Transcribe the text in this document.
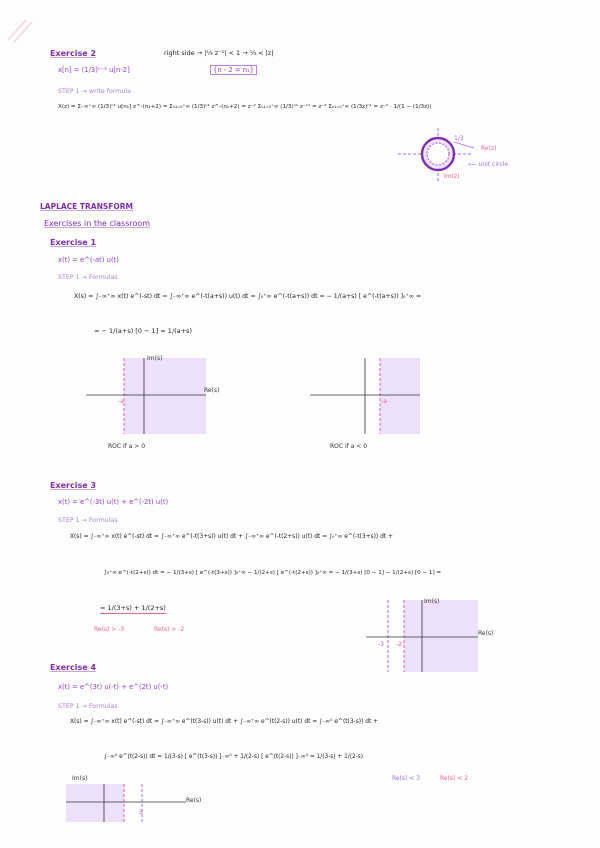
Exercise 2	right side → |⅓ z⁻¹| < 1 → ⅓ < |z|
x[n] = (1/3)ⁿ⁻² u[n-2]	{n - 2 = n₁}
STEP 1 → write formula
X(z) = Σ₋∞⁺∞ (1/3)ⁿ¹ u[n₁] z^-(n₁+2) = Σₙ₁₌₀⁺∞ (1/3)ⁿ¹ z^-(n₁+2) = z⁻² Σₙ₁₌₀⁺∞ (1/3)ⁿ¹ z⁻ⁿ¹ = z⁻² Σₙ₁₌₀⁺∞ (1/3z)ⁿ¹ = z⁻² · 1/(1 − (1/3z))
1/3
Re(z)
⟵ unit circle
Im(z)
LAPLACE TRANSFORM
Exercises in the classroom
Exercise 1
x(t) = e^(-at) u(t)
STEP 1 → Formulas
X(s) = ∫₋∞⁺∞ x(t) e^(-st) dt = ∫₋∞⁺∞ e^(-t(a+s)) u(t) dt = ∫₀⁺∞ e^(-t(a+s)) dt = − 1/(a+s) [ e^(-t(a+s)) ]₀⁺∞ =
= − 1/(a+s) [0 − 1] = 1/(a+s)
Im(s)
Re(s)
-a
ROC if a > 0
-a
ROC if a < 0
Exercise 3
x(t) = e^(-3t) u(t) + e^(-2t) u(t)
STEP 1 → Formulas
X(s) = ∫₋∞⁺∞ x(t) e^(-st) dt = ∫₋∞⁺∞ e^(-t(3+s)) u(t) dt + ∫₋∞⁺∞ e^(-t(2+s)) u(t) dt = ∫₀⁺∞ e^(-t(3+s)) dt +
∫₀⁺∞ e^(-t(2+s)) dt = − 1/(3+s) [ e^(-t(3+s)) ]₀⁺∞ − 1/(2+s) [ e^(-t(2+s)) ]₀⁺∞ = − 1/(3+s) [0 − 1] − 1/(2+s) [0 − 1] =
= 1/(3+s) + 1/(2+s)
Re(s) > -3	Re(s) > -2
Im(s)
Re(s)
-3 -2
Exercise 4
x(t) = e^(3t) u(-t) + e^(2t) u(-t)
STEP 1 → Formulas
X(s) = ∫₋∞⁺∞ x(t) e^(-st) dt = ∫₋∞⁺∞ e^(t(3-s)) u(t) dt + ∫₋∞⁺∞ e^(t(2-s)) u(t) dt = ∫₋∞⁰ e^(t(3-s)) dt +
∫₋∞⁰ e^(t(2-s)) dt = 1/(3-s) [ e^(t(3-s)) ]₋∞⁰ + 1/(2-s) [ e^(t(2-s)) ]₋∞⁰ = 1/(3-s) + 1/(2-s)
Re(s) < 3	Re(s) < 2
Im(s)
Re(s)
3
